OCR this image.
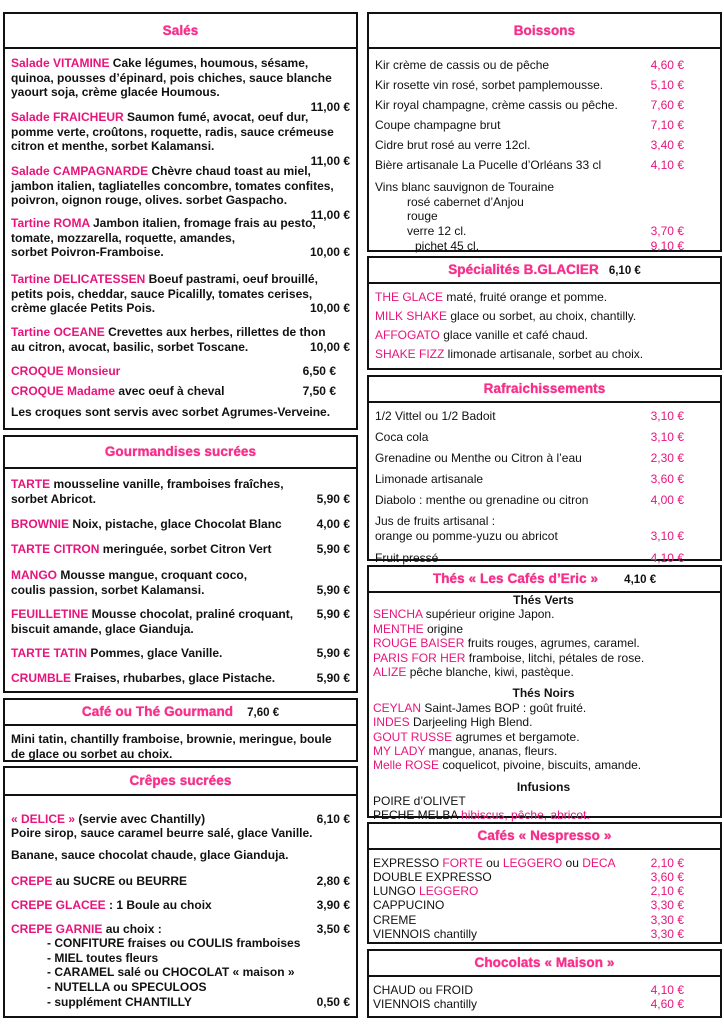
Salés
Salade VITAMINE Cake légumes, houmous, sésame,
quinoa, pousses d’épinard, pois chiches, sauce blanche
yaourt soja, crème glacée Houmous.
11,00 €
Salade FRAICHEUR Saumon fumé, avocat, oeuf dur,
pomme verte, croûtons, roquette, radis, sauce crémeuse
citron et menthe, sorbet Kalamansi.
11,00 €
Salade CAMPAGNARDE Chèvre chaud toast au miel,
jambon italien, tagliatelles concombre, tomates confites,
poivron, oignon rouge, olives. sorbet Gaspacho.
11,00 €
Tartine ROMA Jambon italien, fromage frais au pesto,
tomate, mozzarella, roquette, amandes,
sorbet Poivron-Framboise.	10,00 €
Tartine DELICATESSEN Boeuf pastrami, oeuf brouillé,
petits pois, cheddar, sauce Picalilly, tomates cerises,
crème glacée Petits Pois.	10,00 €
Tartine OCEANE Crevettes aux herbes, rillettes de thon
au citron, avocat, basilic, sorbet Toscane.	10,00 €
CROQUE Monsieur	6,50 €
CROQUE Madame avec oeuf à cheval	7,50 €
Les croques sont servis avec sorbet Agrumes-Verveine.
Gourmandises sucrées
TARTE mousseline vanille, framboises fraîches,
sorbet Abricot.	5,90 €
BROWNIE Noix, pistache, glace Chocolat Blanc	4,00 €
TARTE CITRON meringuée, sorbet Citron Vert	5,90 €
MANGO Mousse mangue, croquant coco,
coulis passion, sorbet Kalamansi.	5,90 €
FEUILLETINE Mousse chocolat, praliné croquant, 5,90 €
biscuit amande, glace Gianduja.
TARTE TATIN Pommes, glace Vanille.	5,90 €
CRUMBLE Fraises, rhubarbes, glace Pistache.	5,90 €
Café ou Thé Gourmand 7,60 €
Mini tatin, chantilly framboise, brownie, meringue, boule
de glace ou sorbet au choix.
Crêpes sucrées
« DELICE » (servie avec Chantilly)	6,10 €
Poire sirop, sauce caramel beurre salé, glace Vanille.
Banane, sauce chocolat chaude, glace Gianduja.
CREPE au SUCRE ou BEURRE	2,80 €
CREPE GLACEE : 1 Boule au choix	3,90 €
CREPE GARNIE au choix :	3,50 €
- CONFITURE fraises ou COULIS framboises
- MIEL toutes fleurs
- CARAMEL salé ou CHOCOLAT « maison »
- NUTELLA ou SPECULOOS
- supplément CHANTILLY	0,50 €
Boissons
Kir crème de cassis ou de pêche	4,60 €
Kir rosette vin rosé, sorbet pamplemousse.	5,10 €
Kir royal champagne, crème cassis ou pêche.	7,60 €
Coupe champagne brut	7,10 €
Cidre brut rosé au verre 12cl.	3,40 €
Bière artisanale La Pucelle d’Orléans 33 cl	4,10 €
Vins blanc sauvignon de Touraine
rosé cabernet d’Anjou
rouge
verre 12 cl.	3,70 €
pichet 45 cl.	9,10 €
Spécialités B.GLACIER 6,10 €
THE GLACE maté, fruité orange et pomme.
MILK SHAKE glace ou sorbet, au choix, chantilly.
AFFOGATO glace vanille et café chaud.
SHAKE FIZZ limonade artisanale, sorbet au choix.
Rafraichissements
1/2 Vittel ou 1/2 Badoit	3,10 €
Coca cola	3,10 €
Grenadine ou Menthe ou Citron à l’eau	2,30 €
Limonade artisanale	3,60 €
Diabolo : menthe ou grenadine ou citron	4,00 €
Jus de fruits artisanal :
orange ou pomme-yuzu ou abricot	3,10 €
Fruit pressé	4,10 €
Thés « Les Cafés d’Eric » 4,10 €
Thés Verts
SENCHA supérieur origine Japon.
MENTHE origine
ROUGE BAISER fruits rouges, agrumes, caramel.
PARIS FOR HER framboise, litchi, pétales de rose.
ALIZE pêche blanche, kiwi, pastèque.
Thés Noirs
CEYLAN Saint-James BOP : goût fruité.
INDES Darjeeling High Blend.
GOUT RUSSE agrumes et bergamote.
MY LADY mangue, ananas, fleurs.
Melle ROSE coquelicot, pivoine, biscuits, amande.
Infusions
POIRE d’OLIVET
PECHE MELBA hibiscus, pêche, abricot.
Cafés « Nespresso »
EXPRESSO FORTE ou LEGGERO ou DECA	2,10 €
DOUBLE EXPRESSO	3,60 €
LUNGO LEGGERO	2,10 €
CAPPUCINO	3,30 €
CREME	3,30 €
VIENNOIS chantilly	3,30 €
Chocolats « Maison »
CHAUD ou FROID	4,10 €
VIENNOIS chantilly	4,60 €
